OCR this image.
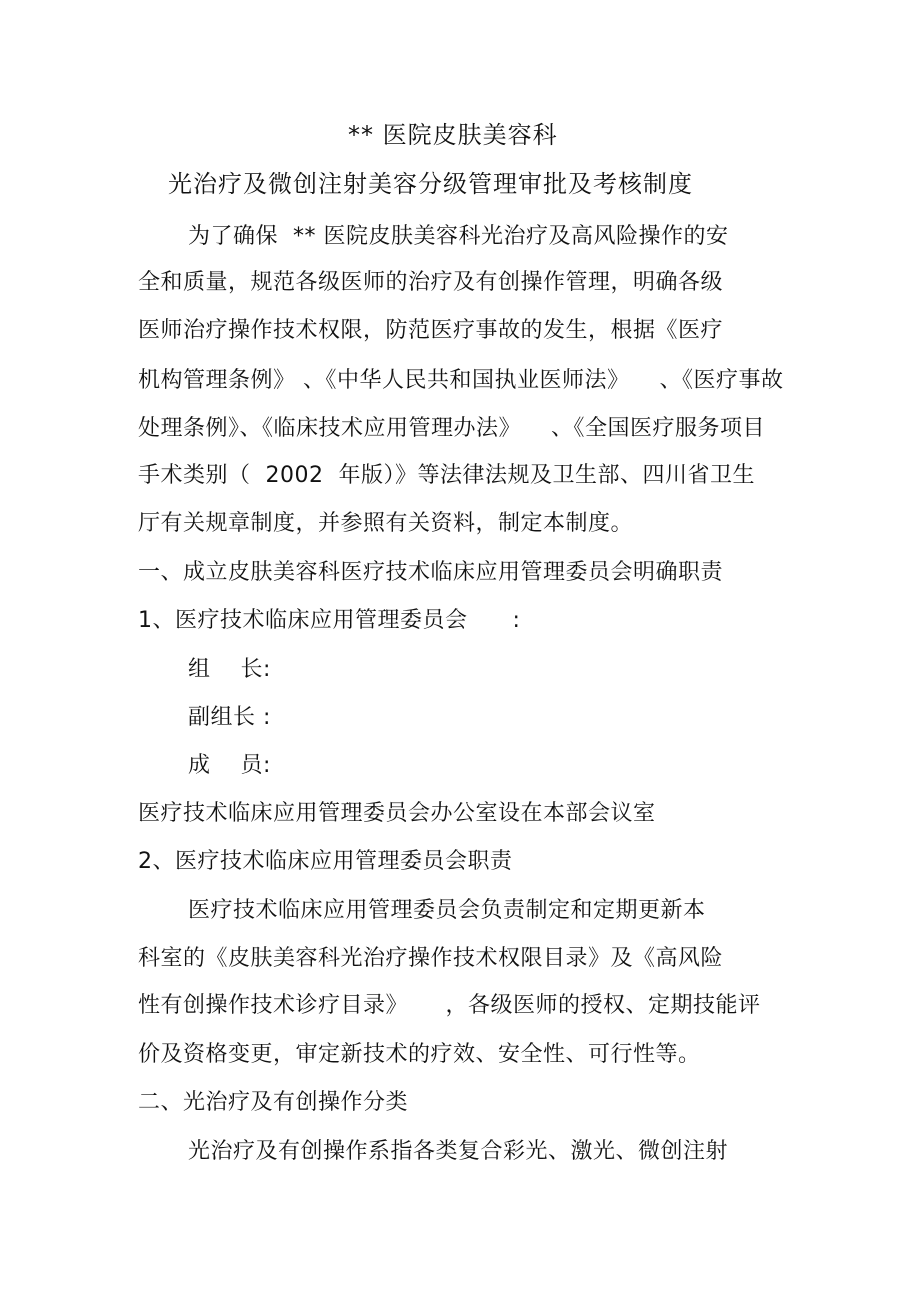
** 医院皮肤美容科
光治疗及微创注射美容分级管理审批及考核制度
为了确保  ** 医院皮肤美容科光治疗及高风险操作的安
全和质量，规范各级医师的治疗及有创操作管理，明确各级
医师治疗操作技术权限，防范医疗事故的发生，根据《医疗
机构管理条例》 、《中华人民共和国执业医师法》    、《医疗事故
处理条例》、《临床技术应用管理办法》    、《全国医疗服务项目
手术类别（  2002  年版）》等法律法规及卫生部、四川省卫生
厅有关规章制度，并参照有关资料，制定本制度。
一、成立皮肤美容科医疗技术临床应用管理委员会明确职责
1、医疗技术临床应用管理委员会      :
组    长:
副组长 :
成    员:
医疗技术临床应用管理委员会办公室设在本部会议室
2、医疗技术临床应用管理委员会职责
医疗技术临床应用管理委员会负责制定和定期更新本
科室的《皮肤美容科光治疗操作技术权限目录》及《高风险
性有创操作技术诊疗目录》     ，各级医师的授权、定期技能评
价及资格变更，审定新技术的疗效、安全性、可行性等。
二、光治疗及有创操作分类
光治疗及有创操作系指各类复合彩光、激光、微创注射
